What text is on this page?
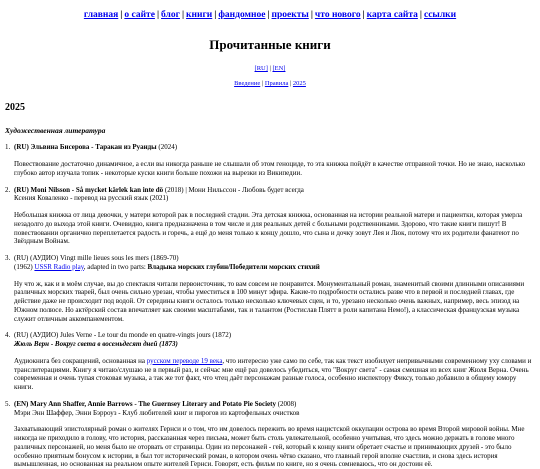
главная | о сайте | блог | книги | фандомное | проекты | что нового | карта сайта | ссылки
Прочитанные книги
[RU] | [EN]
Введение | Правила | 2025
2025
Художественная литература
1. (RU) Эльвина Бисерова - Таракан из Руанды (2024)

Повествование достаточно динамичное, а если вы никогда раньше не слышали об этом геноциде, то эта книжка пойдёт в качестве отправной точки. Но не знаю, насколько глубоко автор изучала топик - некоторые куски книги больше похожи на вырезки из Википедии.

2. (RU) Moni Nilsson - Så mycket kärlek kan inte dö (2018) | Мони Нильссон - Любовь будет всегда
Ксения Коваленко - перевод на русский язык (2021)

Небольшая книжка от лица девочки, у матери которой рак в последней стадии. Эта детская книжка, основанная на истории реальной матери и пациентки, которая умерла незадолго до выхода этой книги. Очевидно, книга предназначена в том числе и для реальных детей с больными родственниками. Здорово, что такие книги пишут! В повествовании органично переплетается радость и горечь, а ещё до меня только к концу дошло, что сына и дочку зовут Лея и Люк, потому что их родители фанатеют по Звёздным Войнам.

3. (RU) (АУДИО) Vingt mille lieues sous les mers (1869-70)
(1962) USSR Radio play, adapted in two parts: Владыка морских глубин/Победители морских стихий

Ну что ж, как и в моём случае, вы до спектакля читали первоисточник, то вам совсем не понравится. Монументальный роман, знаменитый своими длинными описаниями различных морских тварей, был очень сильно урезан, чтобы уместиться в 100 минут эфира. Какие-то подробности остались разве что в первой и последней главах, где действие даже не происходит под водой. От середины книги осталось только несколько ключевых сцен, и то, урезано несколько очень важных, например, весь эпизод на Южном полюсе. Но актёрский состав впечатляет как своими масштабами, так и талантом (Ростислав Плятт в роли капитана Немо!), а классическая французская музыка служит отличным аккомпанементом.

4. (RU) (АУДИО) Jules Verne - Le tour du monde en quatre-vingts jours (1872)
Жюль Верн - Вокруг света в восемьдесят дней (1873)

Аудиокнига без сокращений, основанная на русском переводе 19 века, что интересно уже само по себе, так как текст изобилует непривычными современному уху словами и транслитерациями. Книгу я читаю/слушаю не в первый раз, и сейчас мне ещё раз довелось убедиться, что "Вокруг света" - самая смешная из всех книг Жюля Верна. Очень современная и очень тупая стоковая музыка, а так же тот факт, что чтец даёт персонажам разные голоса, особенно инспектору Фиксу, только добавило в общему юмору книги.

5. (EN) Mary Ann Shaffer, Annie Barrows - The Guernsey Literary and Potato Pie Society (2008)
Мэри Энн Шаффер, Энни Бэрроуз - Клуб любителей книг и пирогов из картофельных очистков

Захватывающий эпистолярный роман о жителях Гернси и о том, что им довелось пережить во время нацистской оккупации острова во время Второй мировой войны. Мне никогда не приходило в голову, что история, рассказанная через письма, может быть столь увлекательной, особенно учитывая, что здесь можно держать в голове много различных персонажей, но меня было не оторвать от страницы. Один из персонажей - гей, который к концу книги обретает счастье и принимающих друзей - это было особенно приятным бонусом к истории, в был тот исторический роман, в котором очень чётко сказано, что главный герой вполне счастлив, и снова здесь история вымышленная, но основанная на реальном опыте жителей Гернси. Говорят, есть фильм по книге, но я очень сомневаюсь, что он достоин её.
